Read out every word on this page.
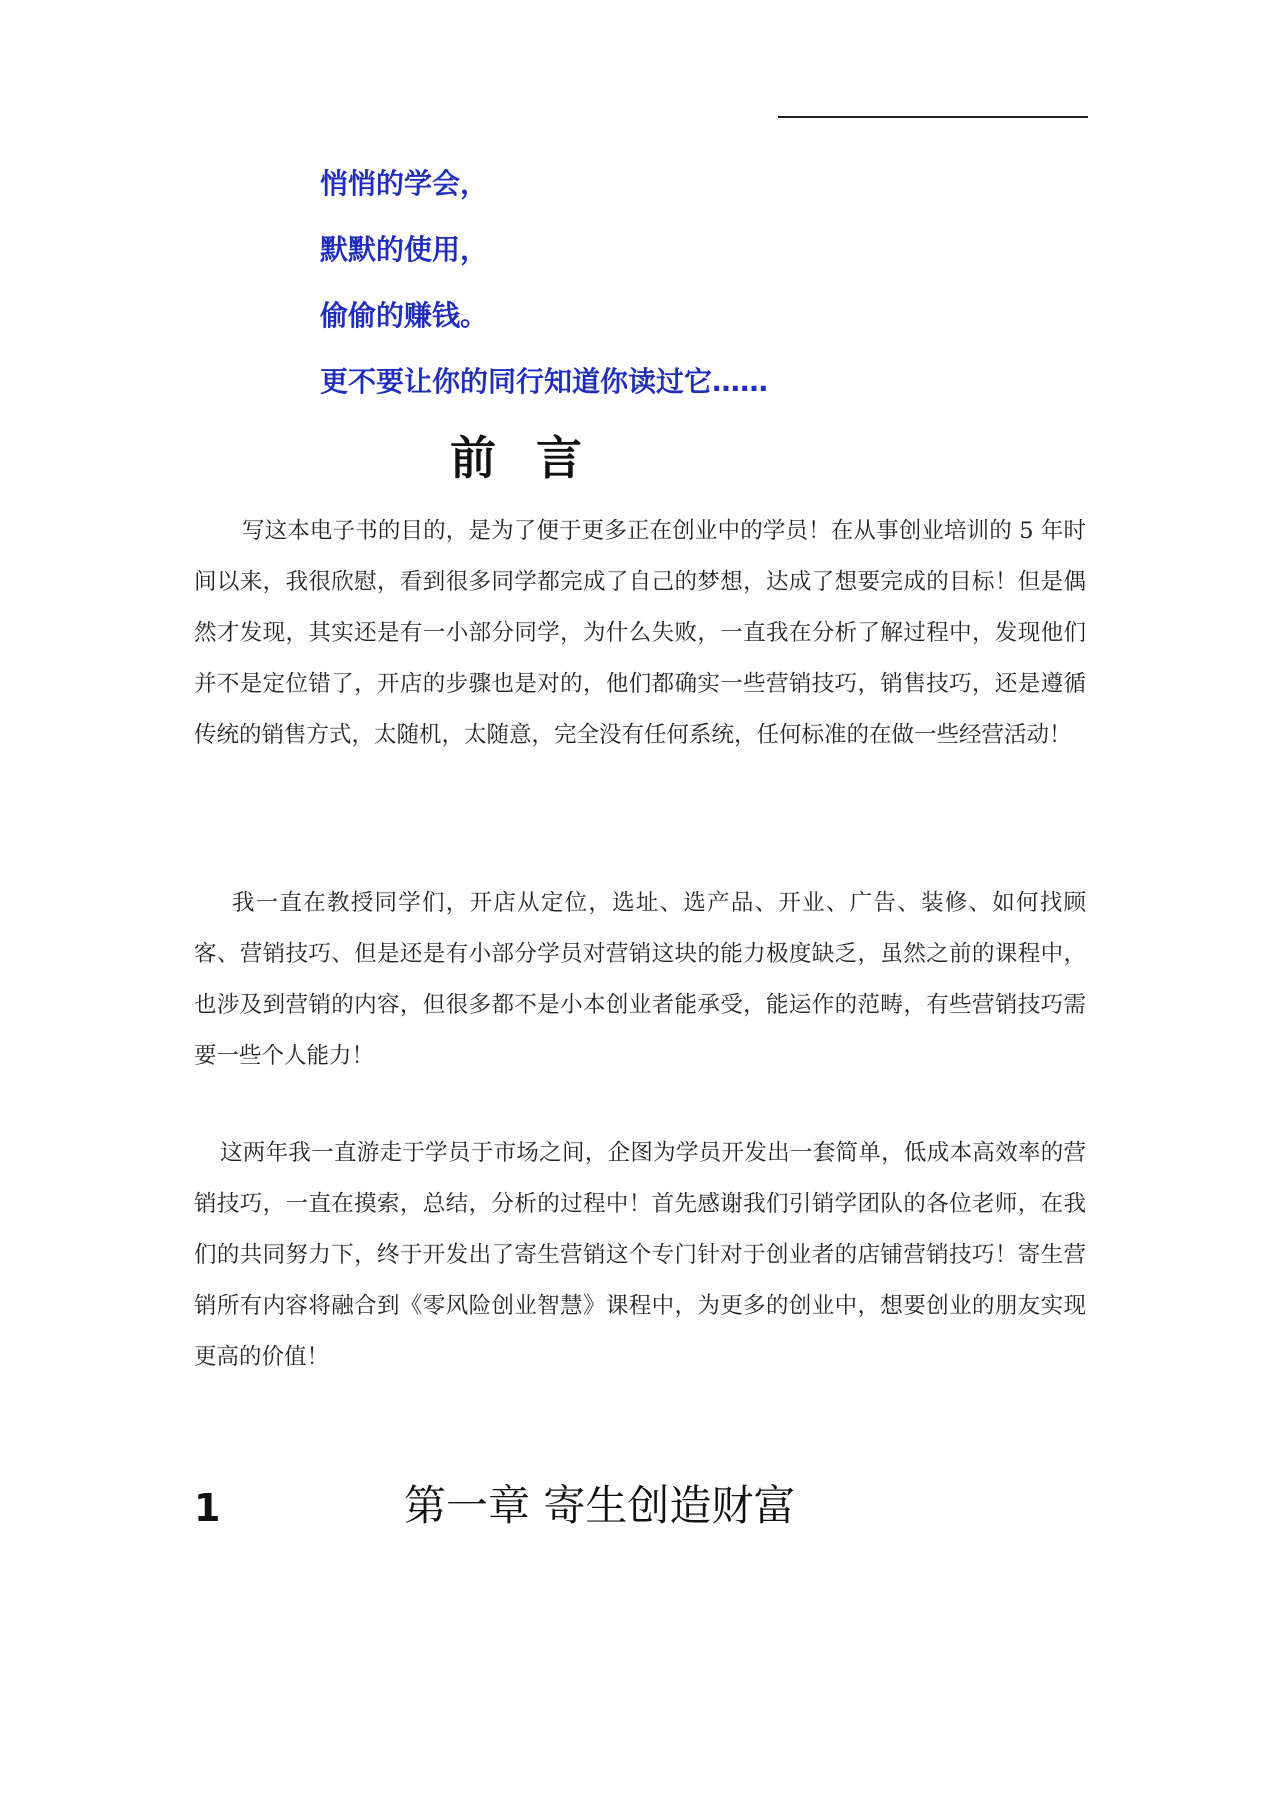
悄悄的学会，
默默的使用，
偷偷的赚钱。
更不要让你的同行知道你读过它……
前言

写这本电子书的目的，是为了便于更多正在创业中的学员！在从事创业培训的 5 年时间以来，我很欣慰，看到很多同学都完成了自己的梦想，达成了想要完成的目标！但是偶然才发现，其实还是有一小部分同学，为什么失败，一直我在分析了解过程中，发现他们并不是定位错了，开店的步骤也是对的，他们都确实一些营销技巧，销售技巧，还是遵循传统的销售方式，太随机，太随意，完全没有任何系统，任何标准的在做一些经营活动！

我一直在教授同学们，开店从定位，选址、选产品、开业、广告、装修、如何找顾客、营销技巧、但是还是有小部分学员对营销这块的能力极度缺乏，虽然之前的课程中，也涉及到营销的内容，但很多都不是小本创业者能承受，能运作的范畴，有些营销技巧需要一些个人能力！

这两年我一直游走于学员于市场之间，企图为学员开发出一套简单，低成本高效率的营销技巧，一直在摸索，总结，分析的过程中！首先感谢我们引销学团队的各位老师，在我们的共同努力下，终于开发出了寄生营销这个专门针对于创业者的店铺营销技巧！寄生营销所有内容将融合到《零风险创业智慧》课程中，为更多的创业中，想要创业的朋友实现更高的价值！

1	第一章 寄生创造财富
